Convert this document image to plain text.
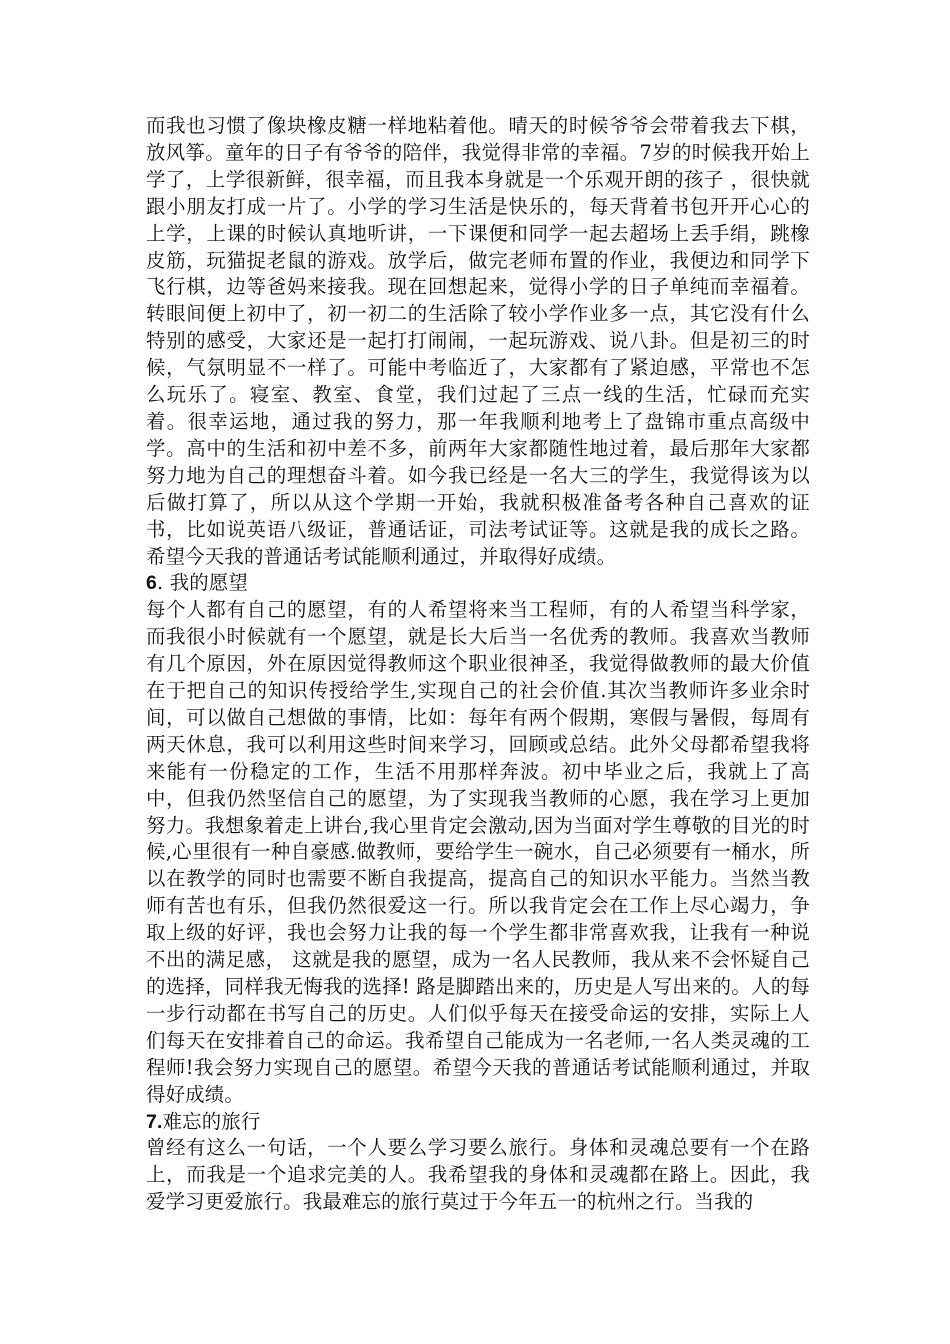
而我也习惯了像块橡皮糖一样地粘着他。晴天的时候爷爷会带着我去下棋，放风筝。童年的日子有爷爷的陪伴，我觉得非常的幸福。7岁的时候我开始上学了，上学很新鲜，很幸福，而且我本身就是一个乐观开朗的孩子 ，很快就跟小朋友打成一片了。小学的学习生活是快乐的，每天背着书包开开心心的上学，上课的时候认真地听讲，一下课便和同学一起去超场上丢手绢，跳橡皮筋，玩猫捉老鼠的游戏。放学后，做完老师布置的作业，我便边和同学下飞行棋，边等爸妈来接我。现在回想起来，觉得小学的日子单纯而幸福着。转眼间便上初中了，初一初二的生活除了较小学作业多一点，其它没有什么特别的感受，大家还是一起打打闹闹，一起玩游戏、说八卦。但是初三的时候，气氛明显不一样了。可能中考临近了，大家都有了紧迫感，平常也不怎么玩乐了。寝室、教室、食堂，我们过起了三点一线的生活，忙碌而充实着。很幸运地，通过我的努力，那一年我顺利地考上了盘锦市重点高级中学。高中的生活和初中差不多，前两年大家都随性地过着，最后那年大家都努力地为自己的理想奋斗着。如今我已经是一名大三的学生，我觉得该为以后做打算了，所以从这个学期一开始，我就积极准备考各种自己喜欢的证书，比如说英语八级证，普通话证，司法考试证等。这就是我的成长之路。希望今天我的普通话考试能顺利通过，并取得好成绩。

6. 我的愿望

每个人都有自己的愿望，有的人希望将来当工程师，有的人希望当科学家，而我很小时候就有一个愿望，就是长大后当一名优秀的教师。我喜欢当教师有几个原因，外在原因觉得教师这个职业很神圣，我觉得做教师的最大价值在于把自己的知识传授给学生,实现自己的社会价值.其次当教师许多业余时间，可以做自己想做的事情，比如：每年有两个假期，寒假与暑假，每周有两天休息，我可以利用这些时间来学习，回顾或总结。此外父母都希望我将来能有一份稳定的工作，生活不用那样奔波。初中毕业之后，我就上了高中，但我仍然坚信自己的愿望，为了实现我当教师的心愿，我在学习上更加努力。我想象着走上讲台,我心里肯定会激动,因为当面对学生尊敬的目光的时候,心里很有一种自豪感.做教师，要给学生一碗水，自己必须要有一桶水，所以在教学的同时也需要不断自我提高，提高自己的知识水平能力。当然当教师有苦也有乐，但我仍然很爱这一行。所以我肯定会在工作上尽心竭力，争取上级的好评，我也会努力让我的每一个学生都非常喜欢我，让我有一种说不出的满足感， 这就是我的愿望，成为一名人民教师，我从来不会怀疑自己的选择，同样我无悔我的选择! 路是脚踏出来的，历史是人写出来的。人的每一步行动都在书写自己的历史。人们似乎每天在接受命运的安排，实际上人们每天在安排着自己的命运。我希望自己能成为一名老师,一名人类灵魂的工程师!我会努力实现自己的愿望。希望今天我的普通话考试能顺利通过，并取得好成绩。

7.难忘的旅行

曾经有这么一句话，一个人要么学习要么旅行。身体和灵魂总要有一个在路上，而我是一个追求完美的人。我希望我的身体和灵魂都在路上。因此，我爱学习更爱旅行。我最难忘的旅行莫过于今年五一的杭州之行。当我的
